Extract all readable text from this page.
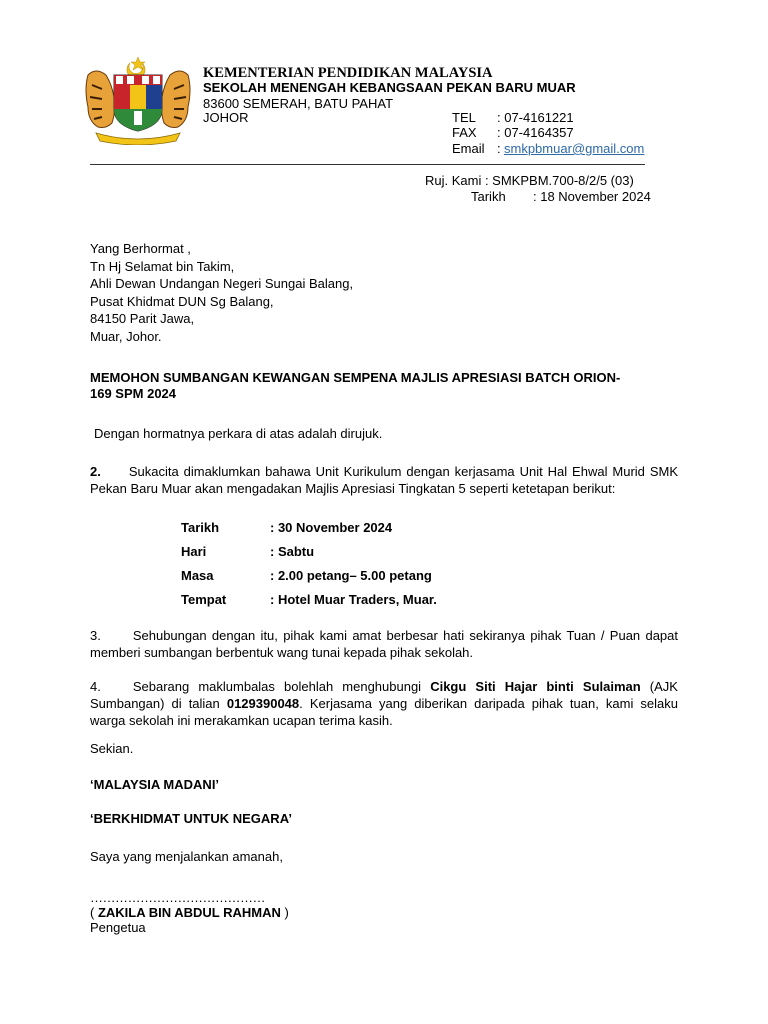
KEMENTERIAN PENDIDIKAN MALAYSIA
SEKOLAH MENENGAH KEBANGSAAN PEKAN BARU MUAR
83600 SEMERAH, BATU PAHAT
JOHOR	TEL : 07-4161221
FAX : 07-4164357
Email : smkpbmuar@gmail.com
Ruj. Kami : SMKPBM.700-8/2/5 (03)
Tarikh : 18 November 2024
Yang Berhormat ,
Tn Hj Selamat bin Takim,
Ahli Dewan Undangan Negeri Sungai Balang,
Pusat Khidmat DUN Sg Balang,
84150 Parit Jawa,
Muar, Johor.
MEMOHON SUMBANGAN KEWANGAN SEMPENA MAJLIS APRESIASI BATCH ORION-
169 SPM 2024
Dengan hormatnya perkara di atas adalah dirujuk.
2. Sukacita dimaklumkan bahawa Unit Kurikulum dengan kerjasama Unit Hal Ehwal Murid SMK Pekan Baru Muar akan mengadakan Majlis Apresiasi Tingkatan 5 seperti ketetapan berikut:
Tarikh	: 30 November 2024
Hari	: Sabtu
Masa	: 2.00 petang– 5.00 petang
Tempat	: Hotel Muar Traders, Muar.
3. Sehubungan dengan itu, pihak kami amat berbesar hati sekiranya pihak Tuan / Puan dapat memberi sumbangan berbentuk wang tunai kepada pihak sekolah.
4. Sebarang maklumbalas bolehlah menghubungi Cikgu Siti Hajar binti Sulaiman (AJK Sumbangan) di talian 0129390048. Kerjasama yang diberikan daripada pihak tuan, kami selaku warga sekolah ini merakamkan ucapan terima kasih.
Sekian.
‘MALAYSIA MADANI’
‘BERKHIDMAT UNTUK NEGARA’
Saya yang menjalankan amanah,
……………………………………
( ZAKILA BIN ABDUL RAHMAN )
Pengetua
